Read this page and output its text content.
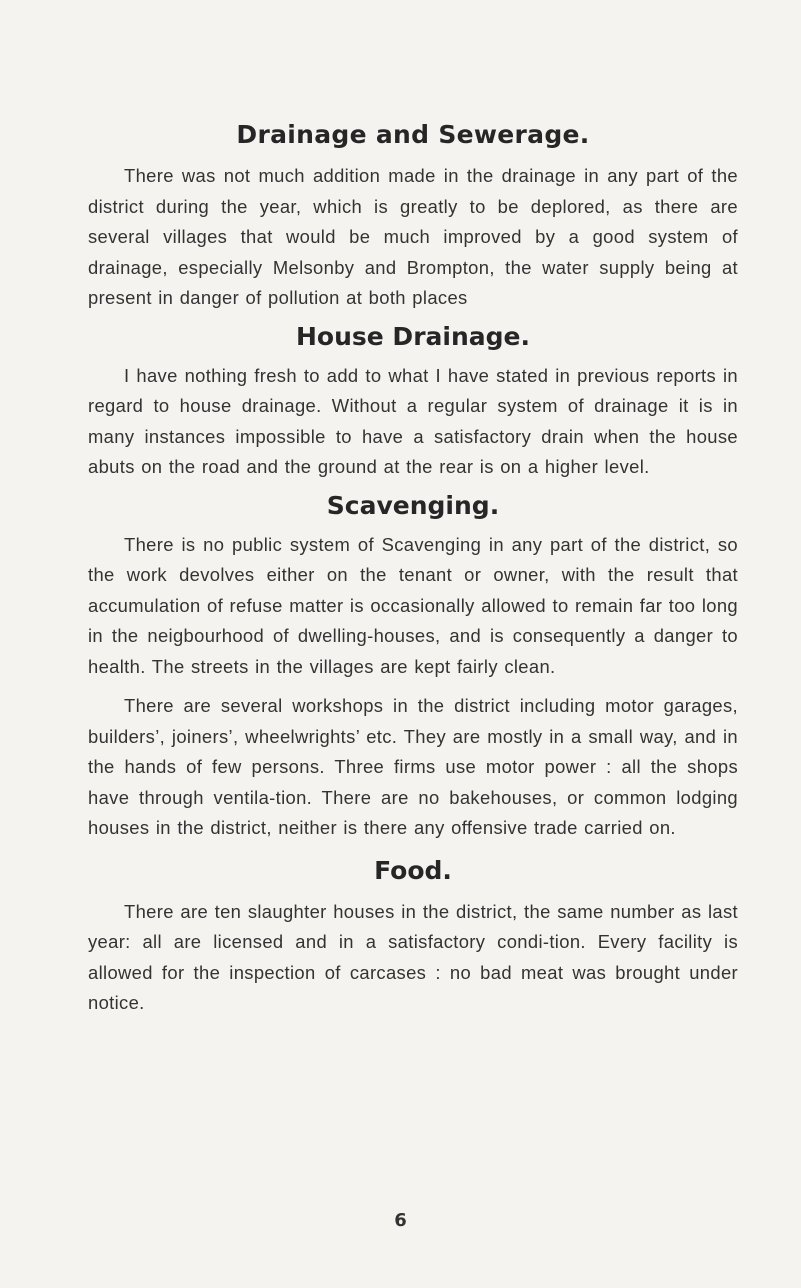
Drainage and Sewerage.

There was not much addition made in the drainage in any part of the district during the year, which is greatly to be deplored, as there are several villages that would be much improved by a good system of drainage, especially Melsonby and Brompton, the water supply being at present in danger of pollution at both places

House Drainage.

I have nothing fresh to add to what I have stated in previous reports in regard to house drainage. Without a regular system of drainage it is in many instances impossible to have a satisfactory drain when the house abuts on the road and the ground at the rear is on a higher level.

Scavenging.

There is no public system of Scavenging in any part of the district, so the work devolves either on the tenant or owner, with the result that accumulation of refuse matter is occasionally allowed to remain far too long in the neigbourhood of dwelling-houses, and is consequently a danger to health. The streets in the villages are kept fairly clean.

There are several workshops in the district including motor garages, builders’, joiners’, wheelwrights’ etc. They are mostly in a small way, and in the hands of few persons. Three firms use motor power : all the shops have through ventila-tion. There are no bakehouses, or common lodging houses in the district, neither is there any offensive trade carried on.

Food.

There are ten slaughter houses in the district, the same number as last year: all are licensed and in a satisfactory condi-tion. Every facility is allowed for the inspection of carcases : no bad meat was brought under notice.

6
